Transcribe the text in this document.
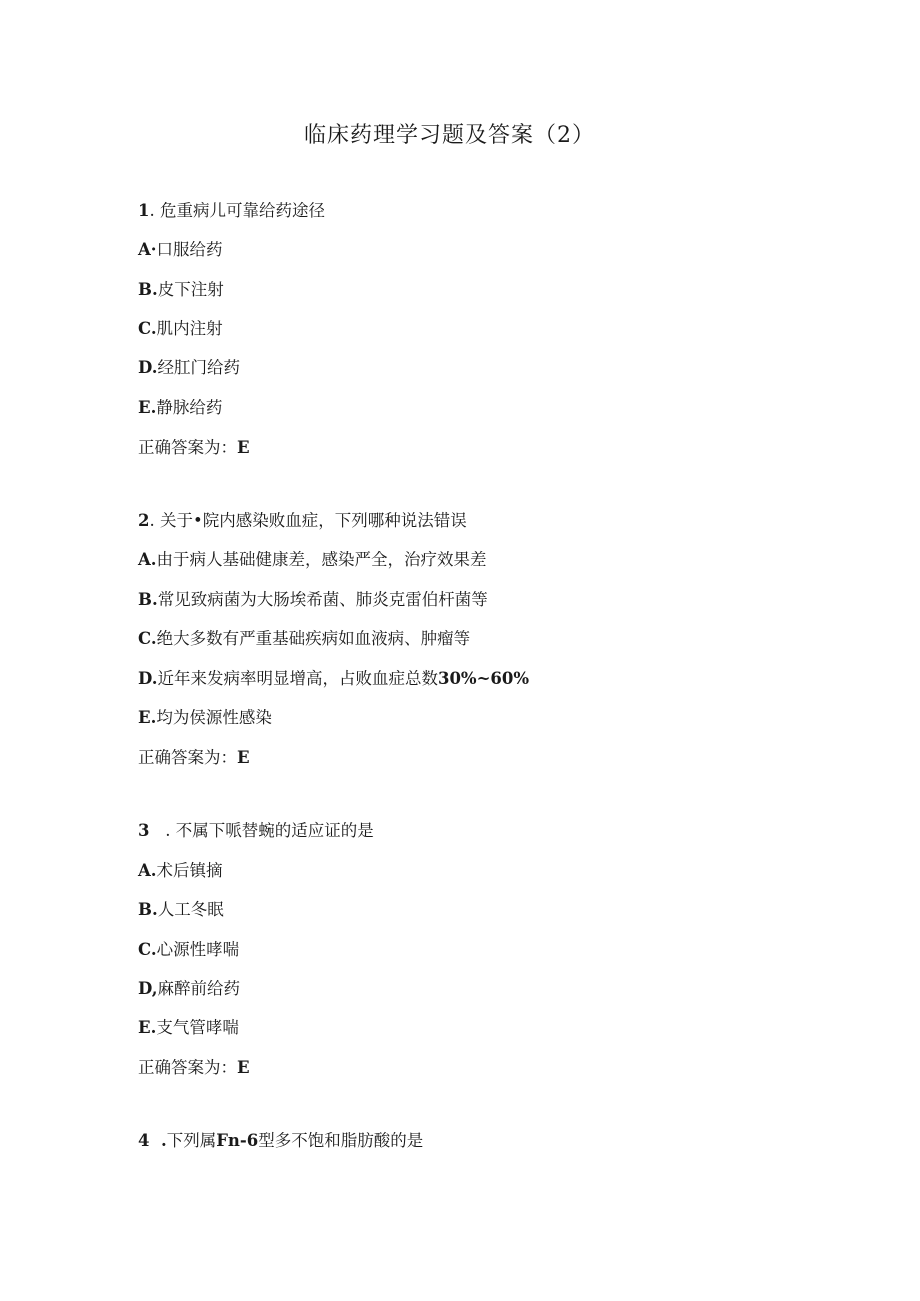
临床药理学习题及答案（2）
1. 危重病儿可靠给药途径
A·口服给药
B.皮下注射
C.肌内注射
D.经肛门给药
E.静脉给药
正确答案为：E
2. 关于•院内感染败血症，下列哪种说法错误
A.由于病人基础健康差，感染严全，治疗效果差
B.常见致病菌为大肠埃希菌、肺炎克雷伯杆菌等
C.绝大多数有严重基础疾病如血液病、肿瘤等
D.近年来发病率明显增高，占败血症总数30%~60%
E.均为侯源性感染
正确答案为：E
3   . 不属下哌替蜿的适应证的是
A.术后镇摘
B.人工冬眠
C.心源性哮喘
D,麻醉前给药
E.支气管哮喘
正确答案为：E
4  .下列属Fn-6型多不饱和脂肪酸的是
